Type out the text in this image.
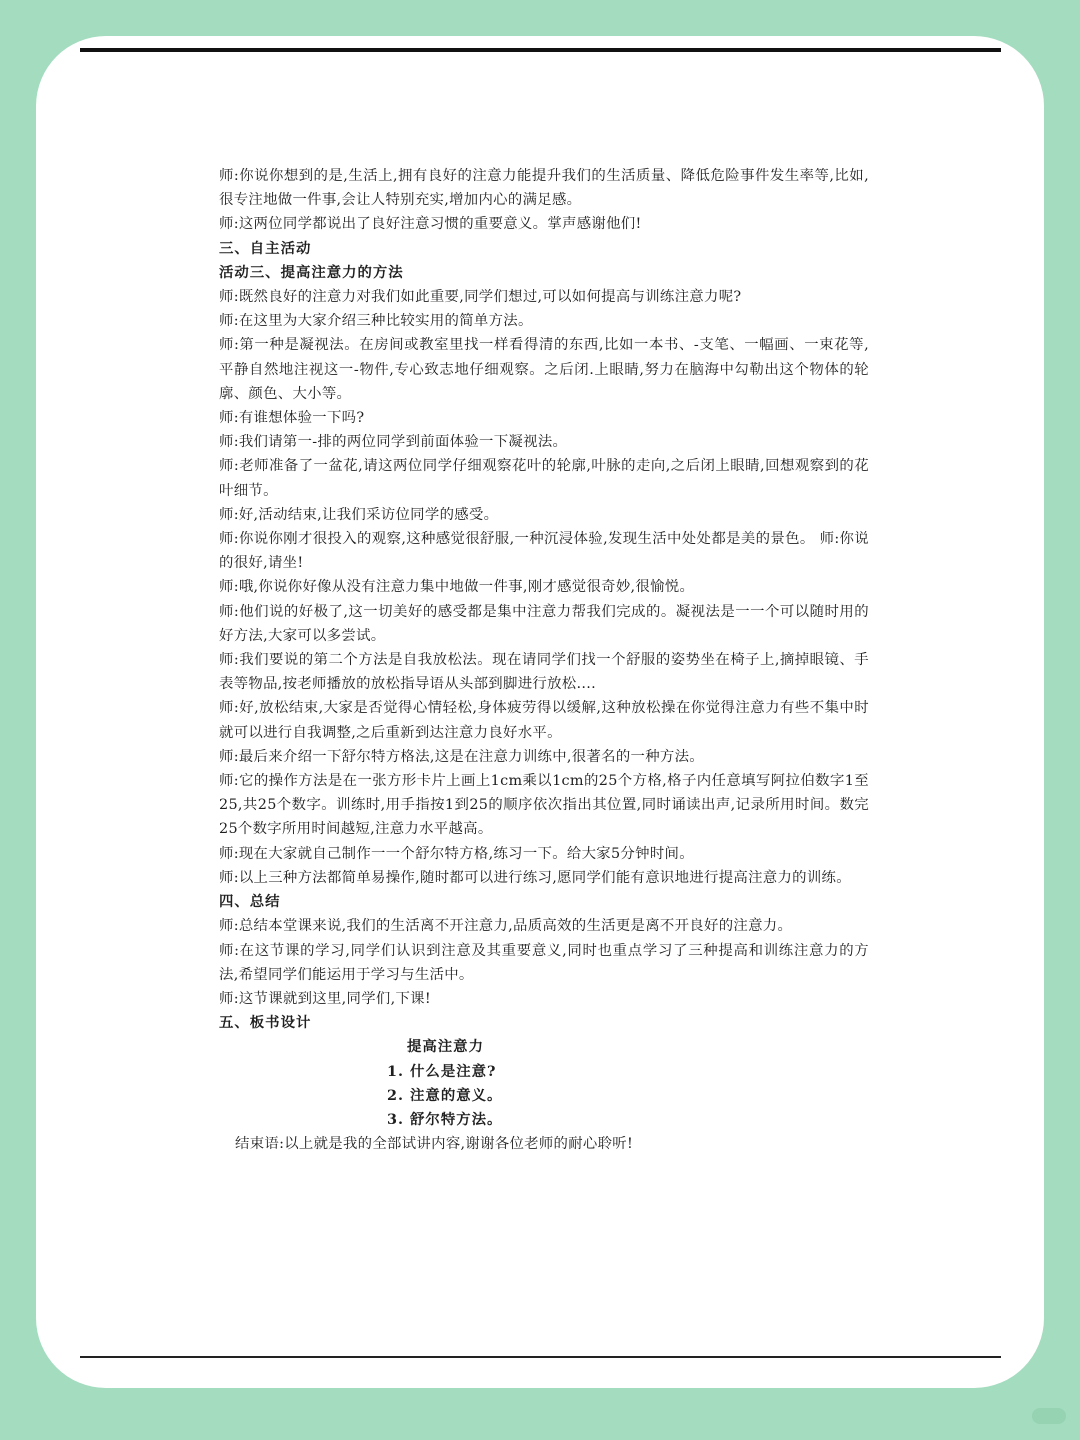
师:你说你想到的是,生活上,拥有良好的注意力能提升我们的生活质量、降低危险事件发生率等,比如,很专注地做一件事,会让人特别充实,增加内心的满足感。

师:这两位同学都说出了良好注意习惯的重要意义。掌声感谢他们!

三、自主活动

活动三、提高注意力的方法

师:既然良好的注意力对我们如此重要,同学们想过,可以如何提高与训练注意力呢?

师:在这里为大家介绍三种比较实用的简单方法。

师:第一种是凝视法。在房间或教室里找一样看得清的东西,比如一本书、-支笔、一幅画、一束花等,平静自然地注视这一-物件,专心致志地仔细观察。之后闭.上眼睛,努力在脑海中勾勒出这个物体的轮廓、颜色、大小等。

师:有谁想体验一下吗?

师:我们请第一-排的两位同学到前面体验一下凝视法。

师:老师准备了一盆花,请这两位同学仔细观察花叶的轮廓,叶脉的走向,之后闭上眼睛,回想观察到的花叶细节。

师:好,活动结束,让我们采访位同学的感受。

师:你说你刚才很投入的观察,这种感觉很舒服,一种沉浸体验,发现生活中处处都是美的景色。 师:你说的很好,请坐!

师:哦,你说你好像从没有注意力集中地做一件事,刚才感觉很奇妙,很愉悦。

师:他们说的好极了,这一切美好的感受都是集中注意力帮我们完成的。凝视法是一一个可以随时用的好方法,大家可以多尝试。

师:我们要说的第二个方法是自我放松法。现在请同学们找一个舒服的姿势坐在椅子上,摘掉眼镜、手表等物品,按老师播放的放松指导语从头部到脚进行放松....

师:好,放松结束,大家是否觉得心情轻松,身体疲劳得以缓解,这种放松操在你觉得注意力有些不集中时就可以进行自我调整,之后重新到达注意力良好水平。

师:最后来介绍一下舒尔特方格法,这是在注意力训练中,很著名的一种方法。

师:它的操作方法是在一张方形卡片上画上1cm乘以1cm的25个方格,格子内任意填写阿拉伯数字1至25,共25个数字。训练时,用手指按1到25的顺序依次指出其位置,同时诵读出声,记录所用时间。数完25个数字所用时间越短,注意力水平越高。

师:现在大家就自己制作一一个舒尔特方格,练习一下。给大家5分钟时间。

师:以上三种方法都简单易操作,随时都可以进行练习,愿同学们能有意识地进行提高注意力的训练。

四、总结

师:总结本堂课来说,我们的生活离不开注意力,品质高效的生活更是离不开良好的注意力。

师:在这节课的学习,同学们认识到注意及其重要意义,同时也重点学习了三种提高和训练注意力的方法,希望同学们能运用于学习与生活中。

师:这节课就到这里,同学们,下课!

五、板书设计

提高注意力

1. 什么是注意?

2. 注意的意义。

3. 舒尔特方法。

结束语:以上就是我的全部试讲内容,谢谢各位老师的耐心聆听!
